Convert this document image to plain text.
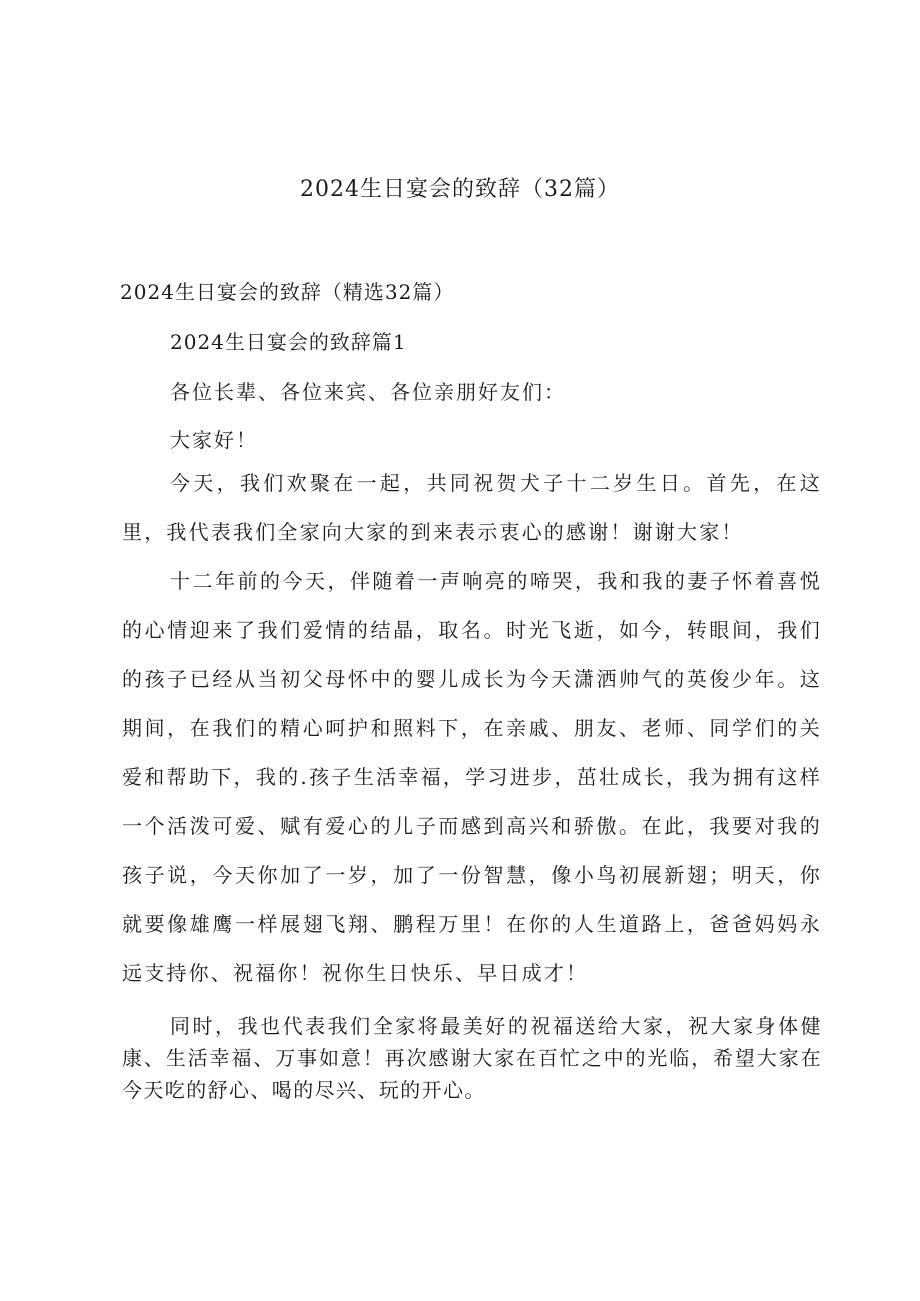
2024生日宴会的致辞（32篇）
2024生日宴会的致辞（精选32篇）
2024生日宴会的致辞篇1
各位长辈、各位来宾、各位亲朋好友们：
大家好！

今天，我们欢聚在一起，共同祝贺犬子十二岁生日。首先，在这里，我代表我们全家向大家的到来表示衷心的感谢！谢谢大家！

十二年前的今天，伴随着一声响亮的啼哭，我和我的妻子怀着喜悦的心情迎来了我们爱情的结晶，取名。时光飞逝，如今，转眼间，我们的孩子已经从当初父母怀中的婴儿成长为今天潇洒帅气的英俊少年。这期间，在我们的精心呵护和照料下，在亲戚、朋友、老师、同学们的关爱和帮助下，我的.孩子生活幸福，学习进步，茁壮成长，我为拥有这样一个活泼可爱、赋有爱心的儿子而感到高兴和骄傲。在此，我要对我的孩子说，今天你加了一岁，加了一份智慧，像小鸟初展新翅；明天，你就要像雄鹰一样展翅飞翔、鹏程万里！在你的人生道路上，爸爸妈妈永远支持你、祝福你！祝你生日快乐、早日成才！

同时，我也代表我们全家将最美好的祝福送给大家，祝大家身体健康、生活幸福、万事如意！再次感谢大家在百忙之中的光临，希望大家在今天吃的舒心、喝的尽兴、玩的开心。
